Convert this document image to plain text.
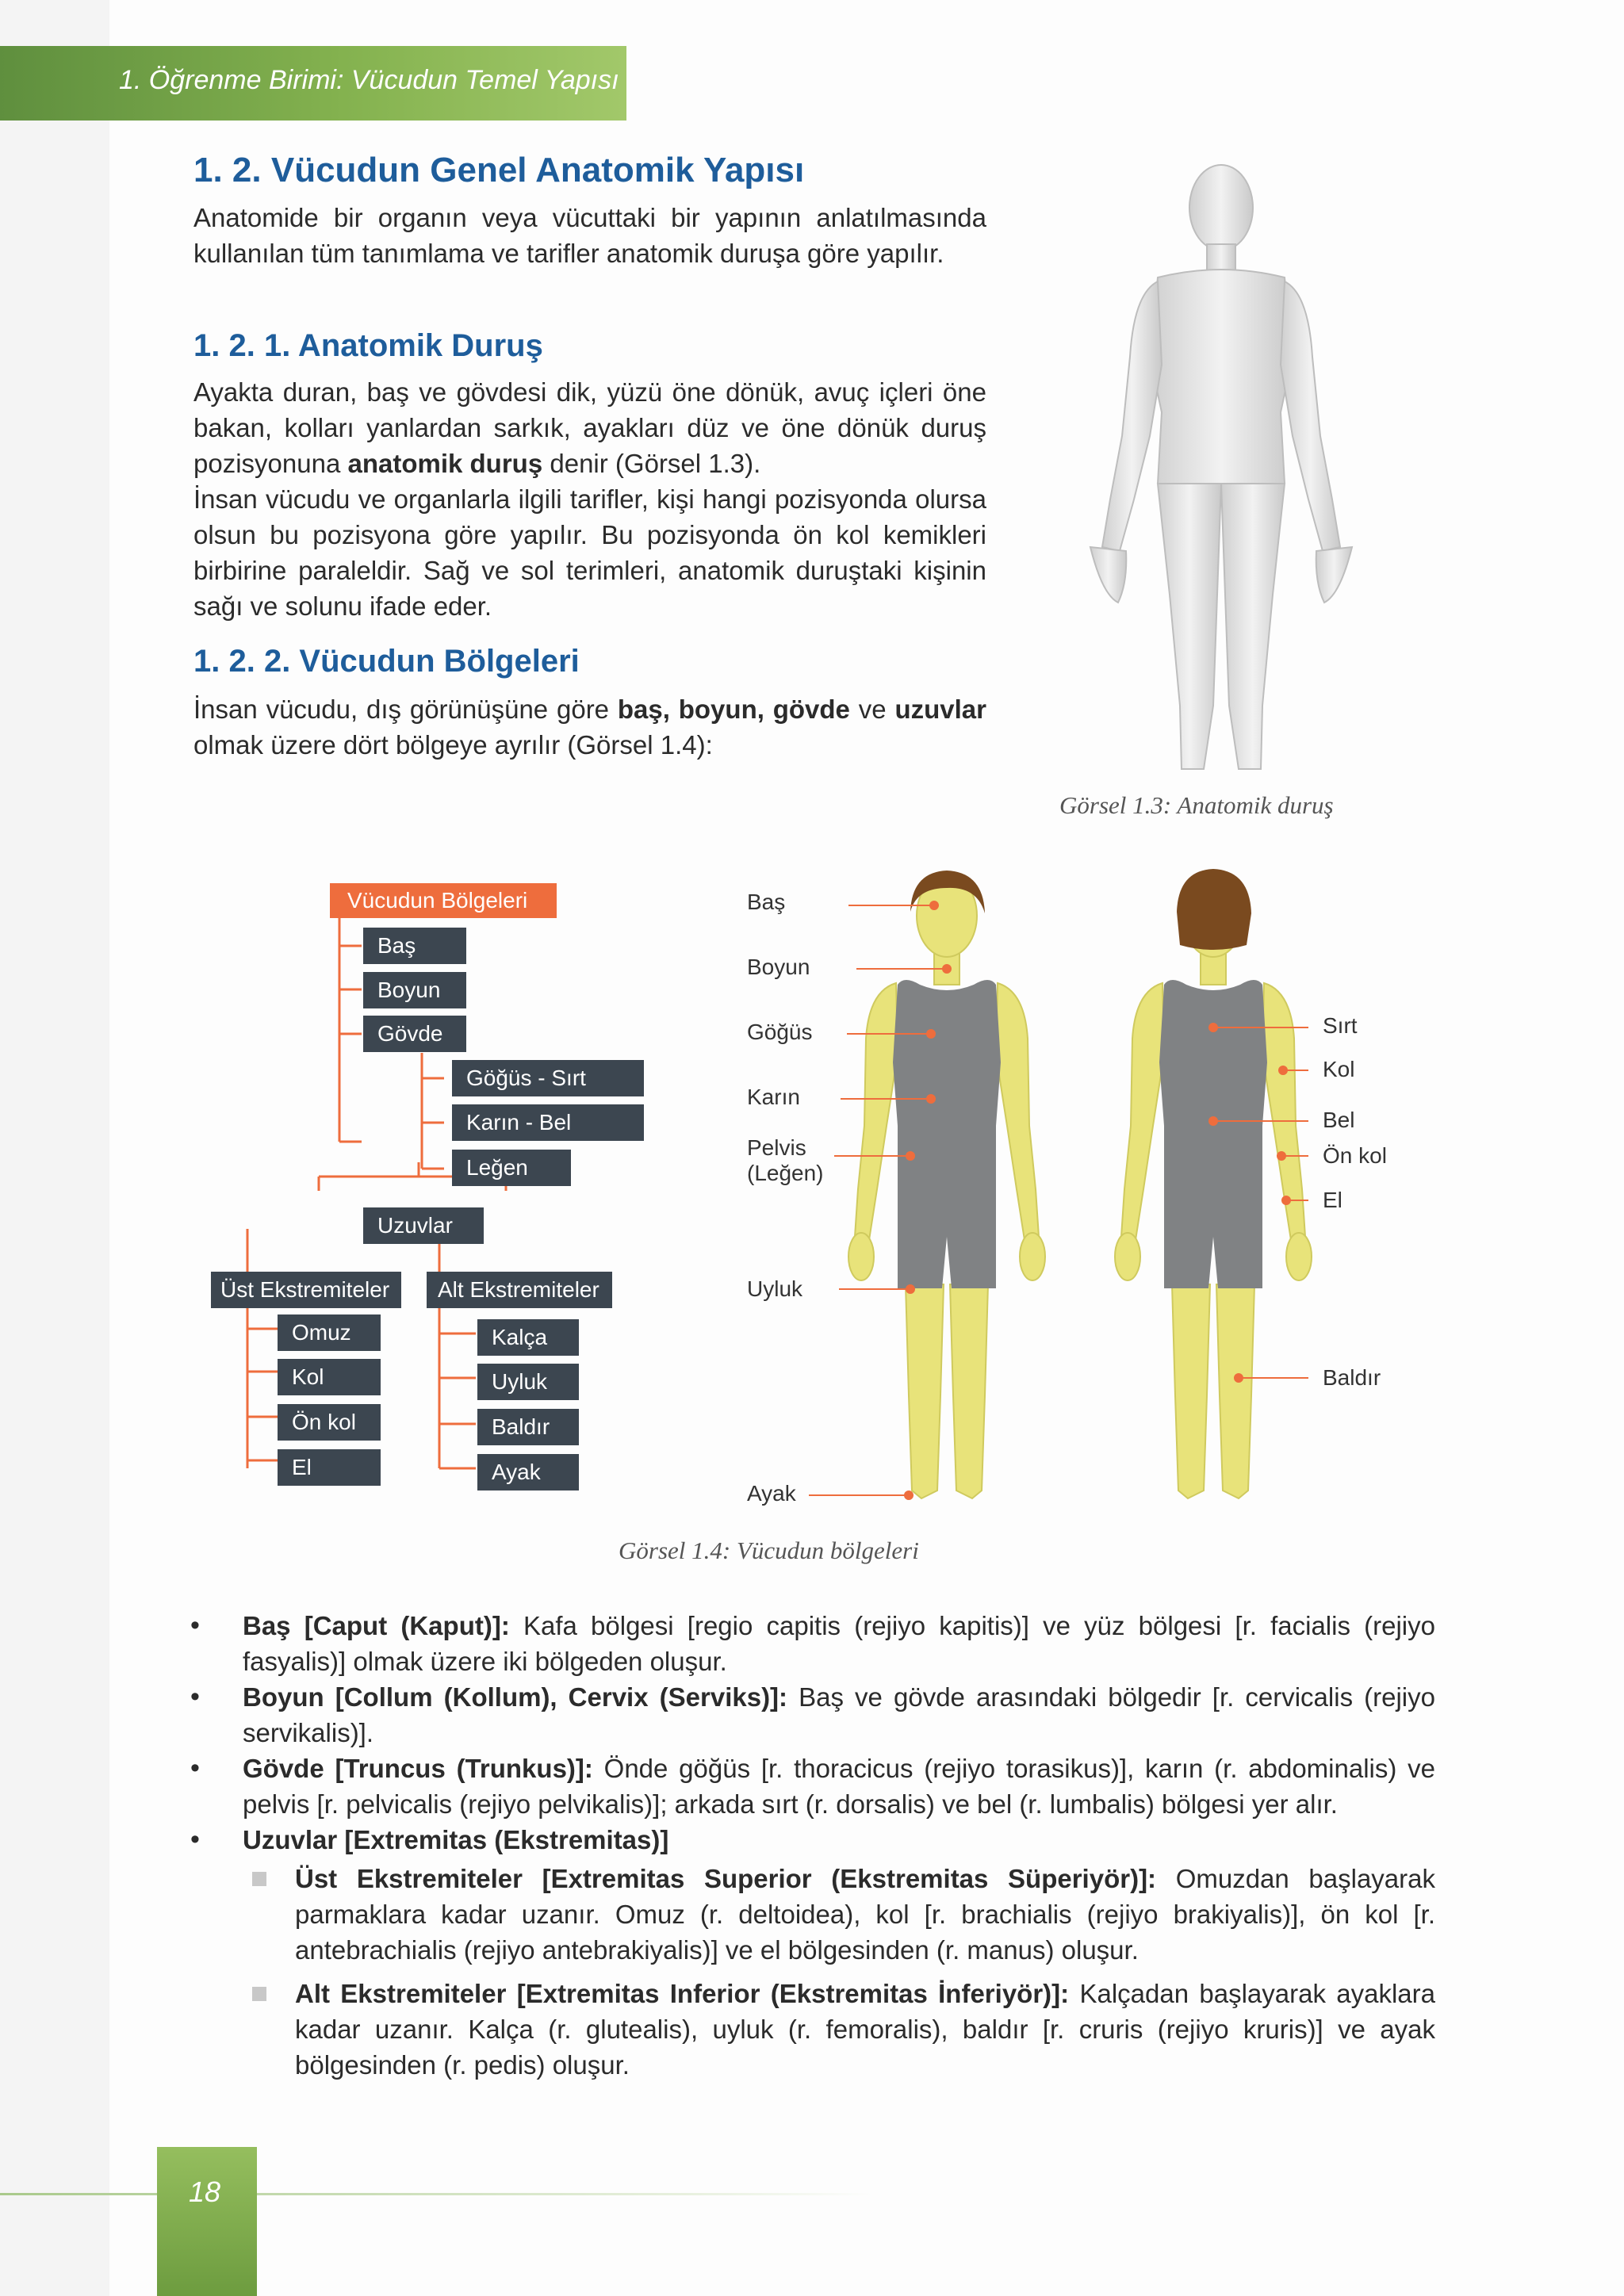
1. Öğrenme Birimi: Vücudun Temel Yapısı
1. 2. Vücudun Genel Anatomik Yapısı
Anatomide bir organın veya vücuttaki bir yapının anlatılmasında kullanılan tüm tanımlama ve tarifler anatomik duruşa göre yapılır.
1. 2. 1. Anatomik Duruş
Ayakta duran, baş ve gövdesi dik, yüzü öne dönük, avuç içleri öne bakan, kolları yanlardan sarkık, ayakları düz ve öne dönük duruş pozisyonuna anatomik duruş denir (Görsel 1.3).
İnsan vücudu ve organlarla ilgili tarifler, kişi hangi pozisyonda olursa olsun bu pozisyona göre yapılır. Bu pozisyonda ön kol kemikleri birbirine paraleldir. Sağ ve sol terimleri, anatomik duruştaki kişinin sağı ve solunu ifade eder.
1. 2. 2. Vücudun Bölgeleri
İnsan vücudu, dış görünüşüne göre baş, boyun, gövde ve uzuvlar olmak üzere dört bölgeye ayrılır (Görsel 1.4):
Görsel 1.3: Anatomik duruş
Vücudun Bölgeleri
Baş
Boyun
Gövde
Göğüs - Sırt
Karın - Bel
Leğen
Uzuvlar
Üst Ekstremiteler	Alt Ekstremiteler
Omuz
Kol
Ön kol
El
Kalça
Uyluk
Baldır
Ayak
Baş
Boyun
Göğüs
Karın
Pelvis
(Leğen)
Uyluk
Ayak
Sırt
Kol
Bel
Ön kol
El
Baldır
Görsel 1.4: Vücudun bölgeleri
• Baş [Caput (Kaput)]: Kafa bölgesi [regio capitis (rejiyo kapitis)] ve yüz bölgesi [r. facialis (rejiyo fasyalis)] olmak üzere iki bölgeden oluşur.
• Boyun [Collum (Kollum), Cervix (Serviks)]: Baş ve gövde arasındaki bölgedir [r. cervicalis (rejiyo servikalis)].
• Gövde [Truncus (Trunkus)]: Önde göğüs [r. thoracicus (rejiyo torasikus)], karın (r. abdominalis) ve pelvis [r. pelvicalis (rejiyo pelvikalis)]; arkada sırt (r. dorsalis) ve bel (r. lumbalis) bölgesi yer alır.
• Uzuvlar [Extremitas (Ekstremitas)]
Üst Ekstremiteler [Extremitas Superior (Ekstremitas Süperiyör)]: Omuzdan başlayarak parmaklara kadar uzanır. Omuz (r. deltoidea), kol [r. brachialis (rejiyo brakiyalis)], ön kol [r. antebrachialis (rejiyo antebrakiyalis)] ve el bölgesinden (r. manus) oluşur.
Alt Ekstremiteler [Extremitas Inferior (Ekstremitas İnferiyör)]: Kalçadan başlayarak ayaklara kadar uzanır. Kalça (r. glutealis), uyluk (r. femoralis), baldır [r. cruris (rejiyo kruris)] ve ayak bölgesinden (r. pedis) oluşur.
18
